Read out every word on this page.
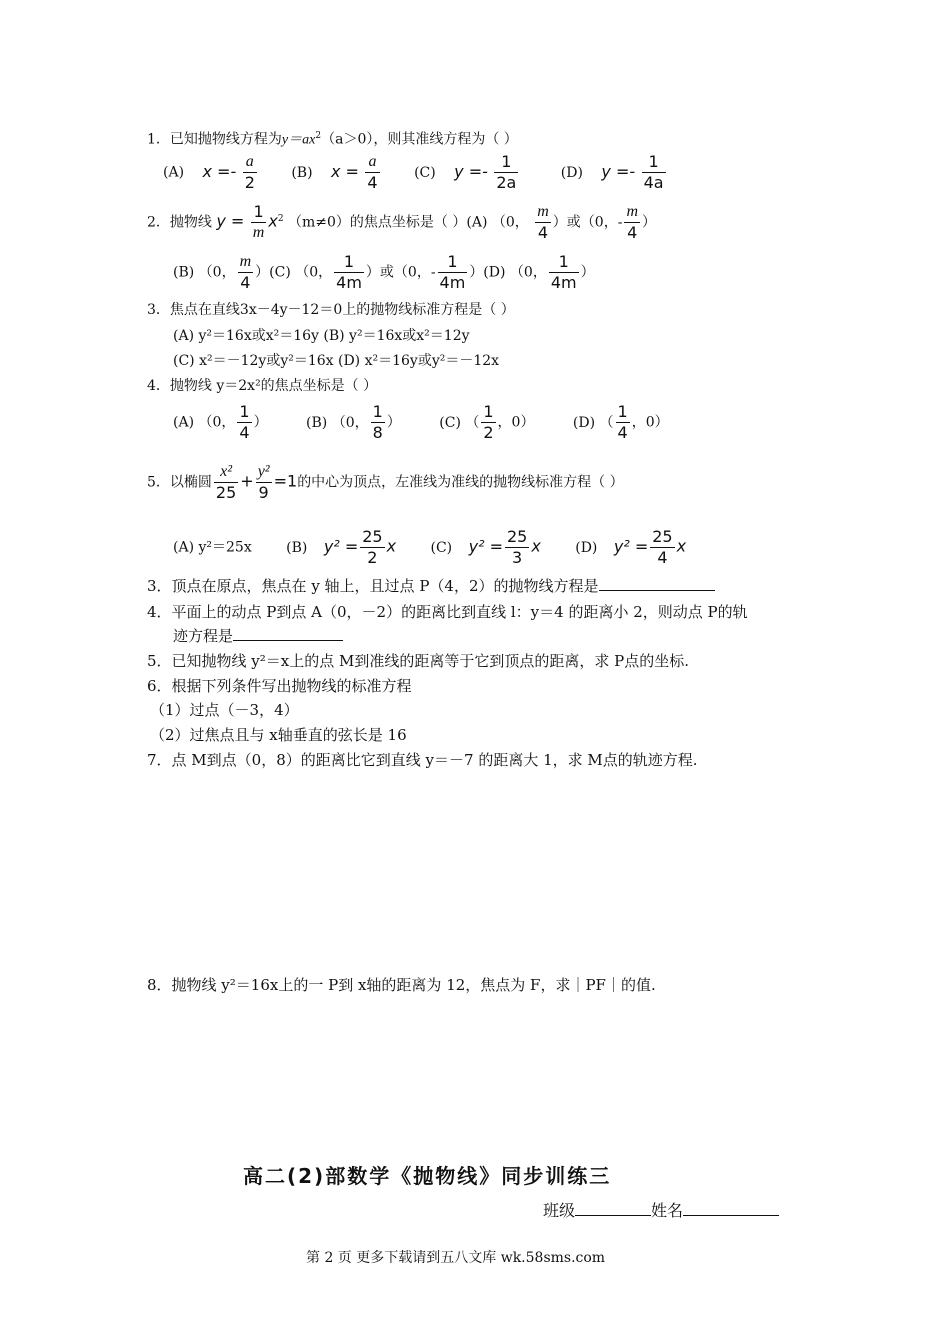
1．已知抛物线方程为$y=ax^2(a>0)$，则其准线方程为（ ）
(A) $x =- \frac{a}{2} (B) x = \frac{a}{4} (C) y =- \frac{1}{2a}$	(D) $y =- \frac{1}{4a}$
2．抛物线 $y = \frac{1}{m} x^2$ （m≠0）的焦点坐标是（ ）(A) （0， $\frac{m}{4}$ ）或（0，- $\frac{m}{4}$ ）
(B) （0， $\frac{m}{4} )(C)$ （0， $\frac{1}{4m}$ ）或（0，- $\frac{1}{4m} )(D)$ （0， $\frac{1}{4m}$ ）
3．焦点在直线3x－4y－12＝0上的抛物线标准方程是（ ）
(A) y²＝16x或x²＝16y (B) y²＝16x或x²＝12y
(C) x²＝－12y或y²＝16x (D) x²＝16y或y²＝－12x
4．抛物线 y＝2x²的焦点坐标是（ ）
(A) （0， $\frac{1}{4}$ ）	(B) （0， $\frac{1}{8}$ ）	(C) （ $\frac{1}{2}$ ，0）	(D) （ $\frac{1}{4}$ ，0）
5．以椭圆 $\frac{\text{x²}}{25} + \frac{\text{y²}}{9} =1$的中心为顶点，左准线为准线的抛物线标准方程（ ）
(A) y²＝25x (B) $y^2 = \frac{25}{2}$ x (C) $y^2 = \frac{25}{3}$ x (D) $y^2 = \frac{25}{4}$ x
3．顶点在原点，焦点在 y 轴上，且过点 P（4，2）的抛物线方程是
4．平面上的动点 P到点 A（0，－2）的距离比到直线 l：y＝4 的距离小 2，则动点 P的轨
迹方程是
5．已知抛物线 y²＝x上的点 M到准线的距离等于它到顶点的距离，求 P点的坐标.
6．根据下列条件写出抛物线的标准方程
（1）过点（－3，4）
（2）过焦点且与 x轴垂直的弦长是 16
7．点 M到点（0，8）的距离比它到直线 y＝－7 的距离大 1，求 M点的轨迹方程.
8．抛物线 y²＝16x上的一 P到 x轴的距离为 12，焦点为 F，求｜PF｜的值.
高二(2)部数学《抛物线》同步训练三
班级	姓名
第 2 页 更多下载请到五八文库 wk.58sms.com
